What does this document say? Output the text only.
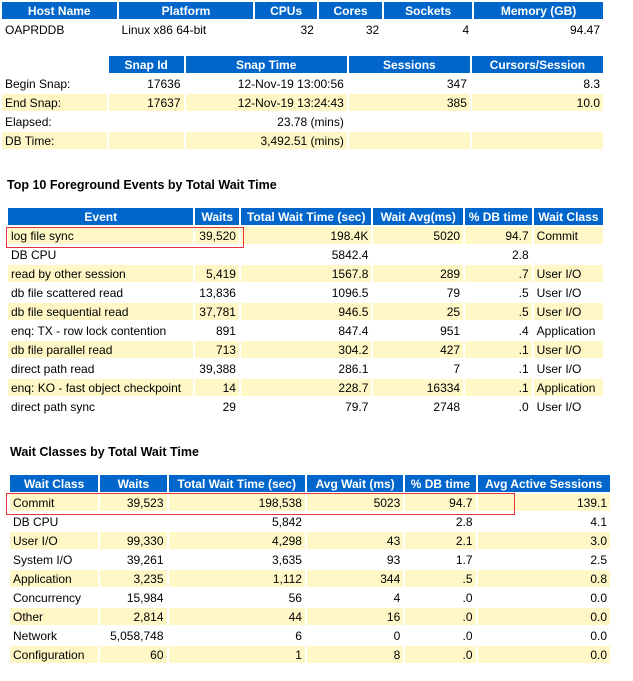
Host Name	Platform	CPUs	Cores	Sockets	Memory (GB)
OAPRDDB	Linux x86 64-bit	32	32	4	94.47
	Snap Id	Snap Time	Sessions	Cursors/Session
Begin Snap:	17636	12-Nov-19 13:00:56	347	8.3
End Snap:	17637	12-Nov-19 13:24:43	385	10.0
Elapsed:		23.78 (mins)		
DB Time:		3,492.51 (mins)		
Top 10 Foreground Events by Total Wait Time
Event	Waits	Total Wait Time (sec)	Wait Avg(ms)	% DB time	Wait Class
log file sync	39,520	198.4K	5020	94.7	Commit
DB CPU		5842.4		2.8	
read by other session	5,419	1567.8	289	.7	User I/O
db file scattered read	13,836	1096.5	79	.5	User I/O
db file sequential read	37,781	946.5	25	.5	User I/O
enq: TX - row lock contention	891	847.4	951	.4	Application
db file parallel read	713	304.2	427	.1	User I/O
direct path read	39,388	286.1	7	.1	User I/O
enq: KO - fast object checkpoint	14	228.7	16334	.1	Application
direct path sync	29	79.7	2748	.0	User I/O
Wait Classes by Total Wait Time
Wait Class	Waits	Total Wait Time (sec)	Avg Wait (ms)	% DB time	Avg Active Sessions
Commit	39,523	198,538	5023	94.7	139.1
DB CPU		5,842		2.8	4.1
User I/O	99,330	4,298	43	2.1	3.0
System I/O	39,261	3,635	93	1.7	2.5
Application	3,235	1,112	344	.5	0.8
Concurrency	15,984	56	4	.0	0.0
Other	2,814	44	16	.0	0.0
Network	5,058,748	6	0	.0	0.0
Configuration	60	1	8	.0	0.0
